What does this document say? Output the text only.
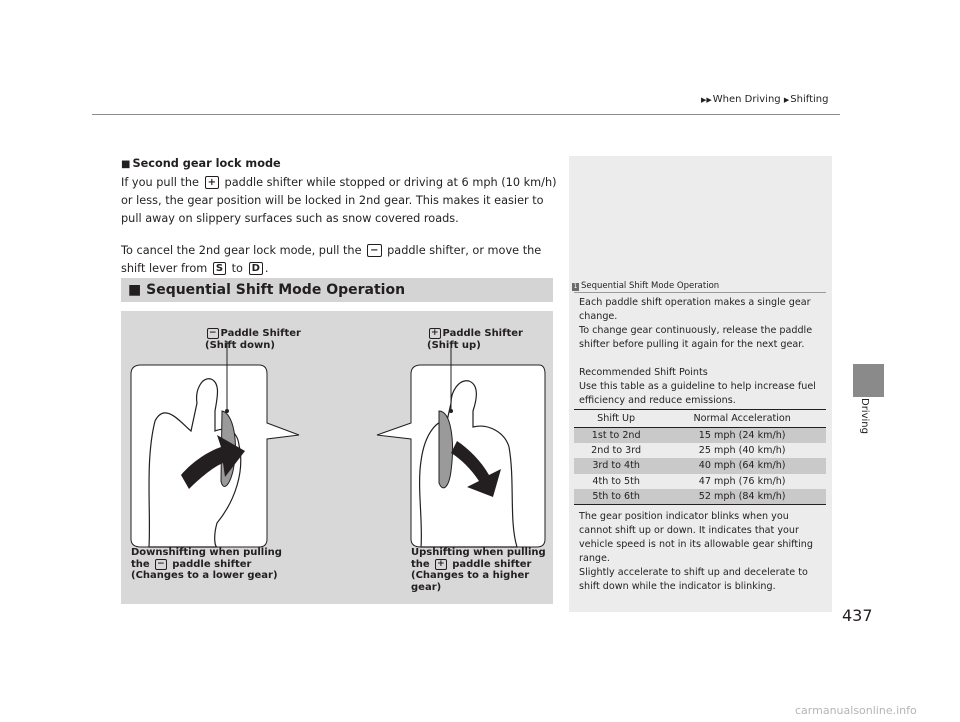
▶▶When Driving ▶Shifting
Driving
■ Second gear lock mode

If you pull the + paddle shifter while stopped or driving at 6 mph (10 km/h) or less, the gear position will be locked in 2nd gear. This makes it easier to pull away on slippery surfaces such as snow covered roads.

To cancel the 2nd gear lock mode, pull the − paddle shifter, or move the shift lever from S to D .

■ Sequential Shift Mode Operation
− Paddle Shifter
(Shift down)
+ Paddle Shifter
(Shift up)
Downshifting when pulling
the − paddle shifter
(Changes to a lower gear)
Upshifting when pulling
the + paddle shifter
(Changes to a higher gear)
1 Sequential Shift Mode Operation

Each paddle shift operation makes a single gear change.

To change gear continuously, release the paddle shifter before pulling it again for the next gear.

Recommended Shift Points

Use this table as a guideline to help increase fuel efficiency and reduce emissions.

Shift Up	Normal Acceleration
1st to 2nd	15 mph (24 km/h)
2nd to 3rd	25 mph (40 km/h)
3rd to 4th	40 mph (64 km/h)
4th to 5th	47 mph (76 km/h)
5th to 6th	52 mph (84 km/h)

The gear position indicator blinks when you cannot shift up or down. It indicates that your vehicle speed is not in its allowable gear shifting range.

Slightly accelerate to shift up and decelerate to shift down while the indicator is blinking.

437
carmanualsonline.info
